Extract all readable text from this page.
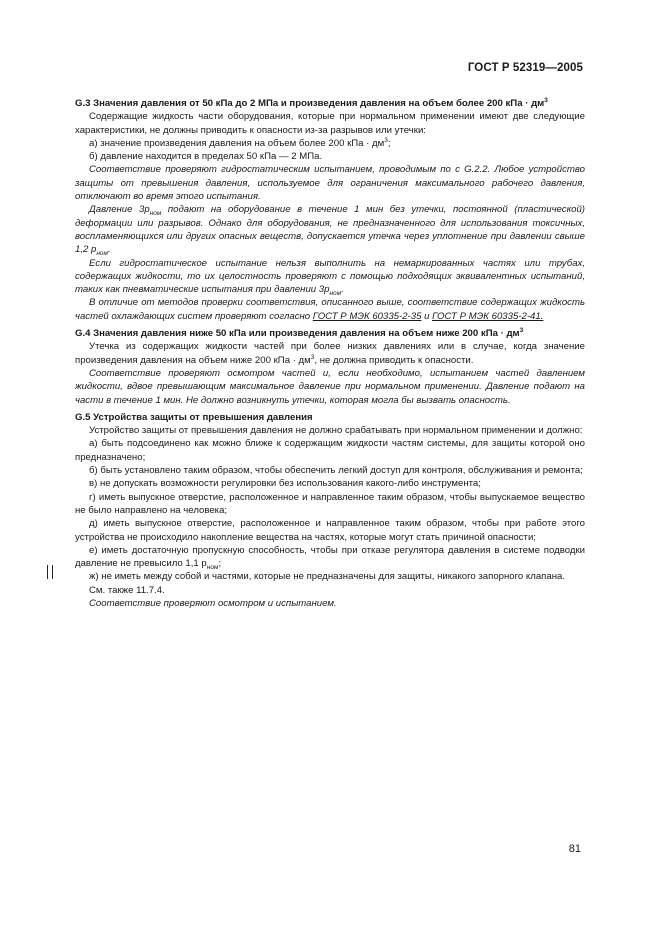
ГОСТ Р 52319—2005

G.3 Значения давления от 50 кПа до 2 МПа и произведения давления на объем более 200 кПа · $дм^3$

Содержащие жидкость части оборудования, которые при нормальном применении имеют две следующие характеристики, не должны приводить к опасности из-за разрывов или утечки:

а) значение произведения давления на объем более 200 кПа · $дм^3$;

б) давление находится в пределах 50 кПа — 2 МПа.

Соответствие проверяют гидростатическим испытанием, проводимым по с G.2.2. Любое устройство защиты от превышения давления, используемое для ограничения максимального рабочего давления, отключают во время этого испытания.

Давление $3p_{ном}$ подают на оборудование в течение 1 мин без утечки, постоянной (пластической) деформации или разрывов. Однако для оборудования, не предназначенного для использования токсичных, воспламеняющихся или других опасных веществ, допускается утечка через уплотнение при давлении свыше 1,2 $p_{ном}$.

Если гидростатическое испытание нельзя выполнить на немаркированных частях или трубах, содержащих жидкости, то их целостность проверяют с помощью подходящих эквивалентных испытаний, таких как пневматические испытания при давлении $3p_{ном}$.

В отличие от методов проверки соответствия, описанного выше, соответствие содержащих жидкость частей охлаждающих систем проверяют согласно ГОСТ Р МЭК 60335-2-35 и ГОСТ Р МЭК 60335-2-41.

G.4 Значения давления ниже 50 кПа или произведения давления на объем ниже 200 кПа · $дм^3$

Утечка из содержащих жидкости частей при более низких давлениях или в случае, когда значение произведения давления на объем ниже 200 кПа · $дм^3$, не должна приводить к опасности.

Соответствие проверяют осмотром частей и, если необходимо, испытанием частей давлением жидкости, вдвое превышающим максимальное давление при нормальном применении. Давление подают на части в течение 1 мин. Не должно возникнуть утечки, которая могла бы вызвать опасность.

G.5 Устройства защиты от превышения давления

Устройство защиты от превышения давления не должно срабатывать при нормальном применении и должно:

а) быть подсоединено как можно ближе к содержащим жидкости частям системы, для защиты которой оно предназначено;

б) быть установлено таким образом, чтобы обеспечить легкий доступ для контроля, обслуживания и ремонта;

в) не допускать возможности регулировки без использования какого-либо инструмента;

г) иметь выпускное отверстие, расположенное и направленное таким образом, чтобы выпускаемое вещество не было направлено на человека;

д) иметь выпускное отверстие, расположенное и направленное таким образом, чтобы при работе этого устройства не происходило накопление вещества на частях, которые могут стать причиной опасности;

е) иметь достаточную пропускную способность, чтобы при отказе регулятора давления в системе подводки давление не превысило 1,1 $p_{ном}$;

ж) не иметь между собой и частями, которые не предназначены для защиты, никакого запорного клапана.

См. также 11.7.4.

Соответствие проверяют осмотром и испытанием.

81
